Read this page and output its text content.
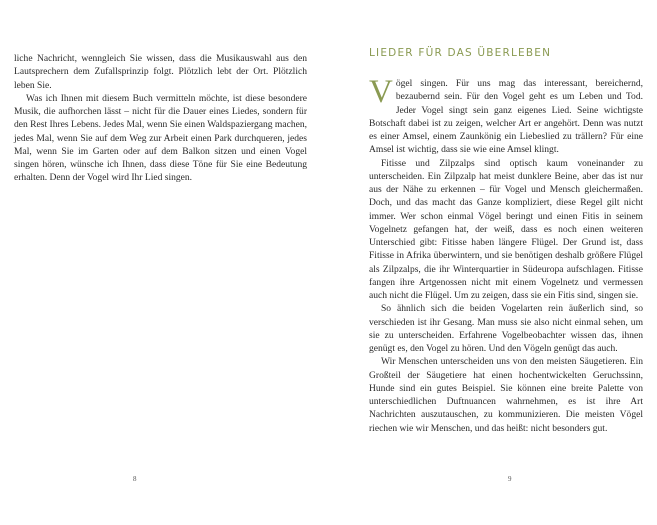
liche Nachricht, wenngleich Sie wissen, dass die Musikauswahl aus den Lautsprechern dem Zufallsprinzip folgt. Plötzlich lebt der Ort. Plötzlich leben Sie.

Was ich Ihnen mit diesem Buch vermitteln möchte, ist diese besondere Musik, die aufhorchen lässt – nicht für die Dauer eines Liedes, sondern für den Rest Ihres Lebens. Jedes Mal, wenn Sie einen Waldspaziergang machen, jedes Mal, wenn Sie auf dem Weg zur Arbeit einen Park durchqueren, jedes Mal, wenn Sie im Garten oder auf dem Balkon sitzen und einen Vogel singen hören, wünsche ich Ihnen, dass diese Töne für Sie eine Bedeutung erhalten. Denn der Vogel wird Ihr Lied singen.

8
LIEDER FÜR DAS ÜBERLEBEN

Vögel singen. Für uns mag das interessant, bereichernd, bezaubernd sein. Für den Vogel geht es um Leben und Tod. Jeder Vogel singt sein ganz eigenes Lied. Seine wichtigste Botschaft dabei ist zu zeigen, welcher Art er angehört. Denn was nutzt es einer Amsel, einem Zaunkönig ein Liebeslied zu trällern? Für eine Amsel ist wichtig, dass sie wie eine Amsel klingt.

Fitisse und Zilpzalps sind optisch kaum voneinander zu unterscheiden. Ein Zilpzalp hat meist dunklere Beine, aber das ist nur aus der Nähe zu erkennen – für Vogel und Mensch gleichermaßen. Doch, und das macht das Ganze kompliziert, diese Regel gilt nicht immer. Wer schon einmal Vögel beringt und einen Fitis in seinem Vogelnetz gefangen hat, der weiß, dass es noch einen weiteren Unterschied gibt: Fitisse haben längere Flügel. Der Grund ist, dass Fitisse in Afrika überwintern, und sie benötigen deshalb größere Flügel als Zilpzalps, die ihr Winterquartier in Südeuropa aufschlagen. Fitisse fangen ihre Artgenossen nicht mit einem Vogelnetz und vermessen auch nicht die Flügel. Um zu zeigen, dass sie ein Fitis sind, singen sie.

So ähnlich sich die beiden Vogelarten rein äußerlich sind, so verschieden ist ihr Gesang. Man muss sie also nicht einmal sehen, um sie zu unterscheiden. Erfahrene Vogelbeobachter wissen das, ihnen genügt es, den Vogel zu hören. Und den Vögeln genügt das auch.

Wir Menschen unterscheiden uns von den meisten Säugetieren. Ein Großteil der Säugetiere hat einen hochentwickelten Geruchssinn, Hunde sind ein gutes Beispiel. Sie können eine breite Palette von unterschiedlichen Duftnuancen wahrnehmen, es ist ihre Art Nachrichten auszutauschen, zu kommunizieren. Die meisten Vögel riechen wie wir Menschen, und das heißt: nicht besonders gut.

9
